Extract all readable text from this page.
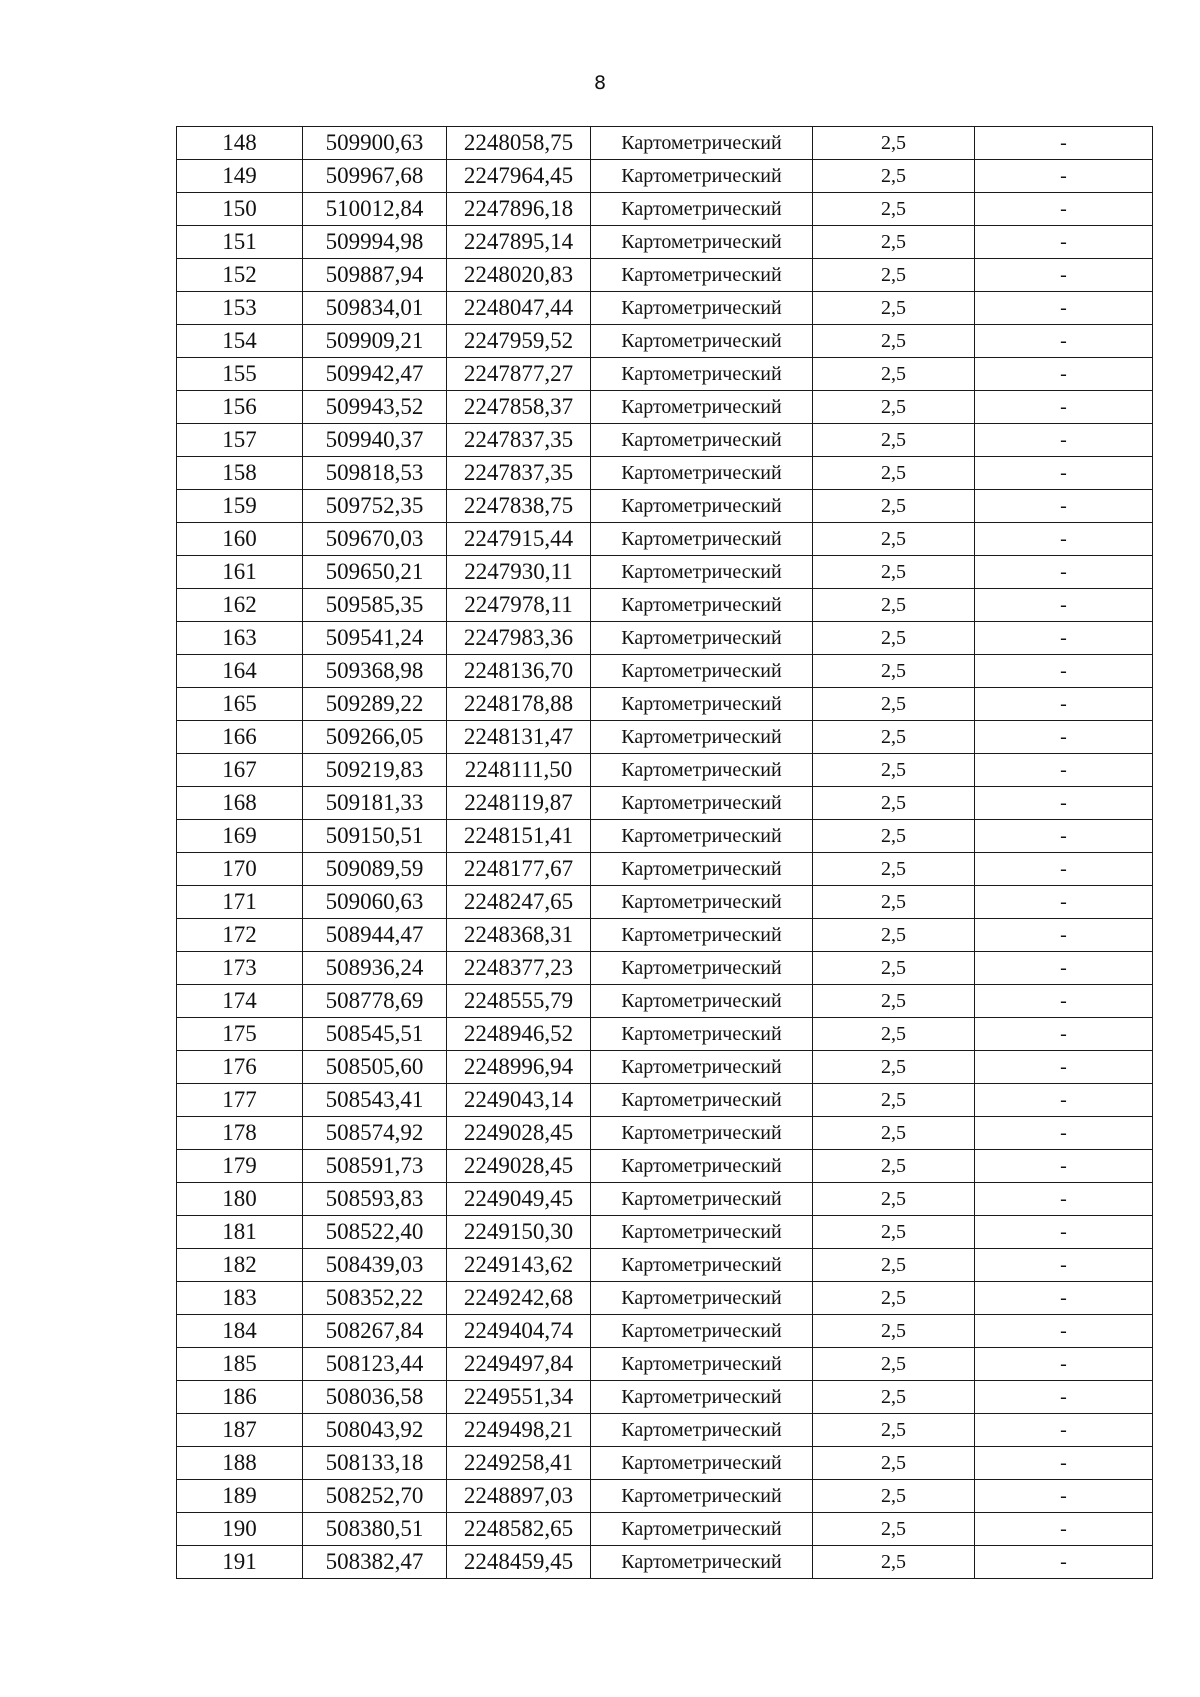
8
148	509900,63	2248058,75	Картометрический	2,5	-
149	509967,68	2247964,45	Картометрический	2,5	-
150	510012,84	2247896,18	Картометрический	2,5	-
151	509994,98	2247895,14	Картометрический	2,5	-
152	509887,94	2248020,83	Картометрический	2,5	-
153	509834,01	2248047,44	Картометрический	2,5	-
154	509909,21	2247959,52	Картометрический	2,5	-
155	509942,47	2247877,27	Картометрический	2,5	-
156	509943,52	2247858,37	Картометрический	2,5	-
157	509940,37	2247837,35	Картометрический	2,5	-
158	509818,53	2247837,35	Картометрический	2,5	-
159	509752,35	2247838,75	Картометрический	2,5	-
160	509670,03	2247915,44	Картометрический	2,5	-
161	509650,21	2247930,11	Картометрический	2,5	-
162	509585,35	2247978,11	Картометрический	2,5	-
163	509541,24	2247983,36	Картометрический	2,5	-
164	509368,98	2248136,70	Картометрический	2,5	-
165	509289,22	2248178,88	Картометрический	2,5	-
166	509266,05	2248131,47	Картометрический	2,5	-
167	509219,83	2248111,50	Картометрический	2,5	-
168	509181,33	2248119,87	Картометрический	2,5	-
169	509150,51	2248151,41	Картометрический	2,5	-
170	509089,59	2248177,67	Картометрический	2,5	-
171	509060,63	2248247,65	Картометрический	2,5	-
172	508944,47	2248368,31	Картометрический	2,5	-
173	508936,24	2248377,23	Картометрический	2,5	-
174	508778,69	2248555,79	Картометрический	2,5	-
175	508545,51	2248946,52	Картометрический	2,5	-
176	508505,60	2248996,94	Картометрический	2,5	-
177	508543,41	2249043,14	Картометрический	2,5	-
178	508574,92	2249028,45	Картометрический	2,5	-
179	508591,73	2249028,45	Картометрический	2,5	-
180	508593,83	2249049,45	Картометрический	2,5	-
181	508522,40	2249150,30	Картометрический	2,5	-
182	508439,03	2249143,62	Картометрический	2,5	-
183	508352,22	2249242,68	Картометрический	2,5	-
184	508267,84	2249404,74	Картометрический	2,5	-
185	508123,44	2249497,84	Картометрический	2,5	-
186	508036,58	2249551,34	Картометрический	2,5	-
187	508043,92	2249498,21	Картометрический	2,5	-
188	508133,18	2249258,41	Картометрический	2,5	-
189	508252,70	2248897,03	Картометрический	2,5	-
190	508380,51	2248582,65	Картометрический	2,5	-
191	508382,47	2248459,45	Картометрический	2,5	-
